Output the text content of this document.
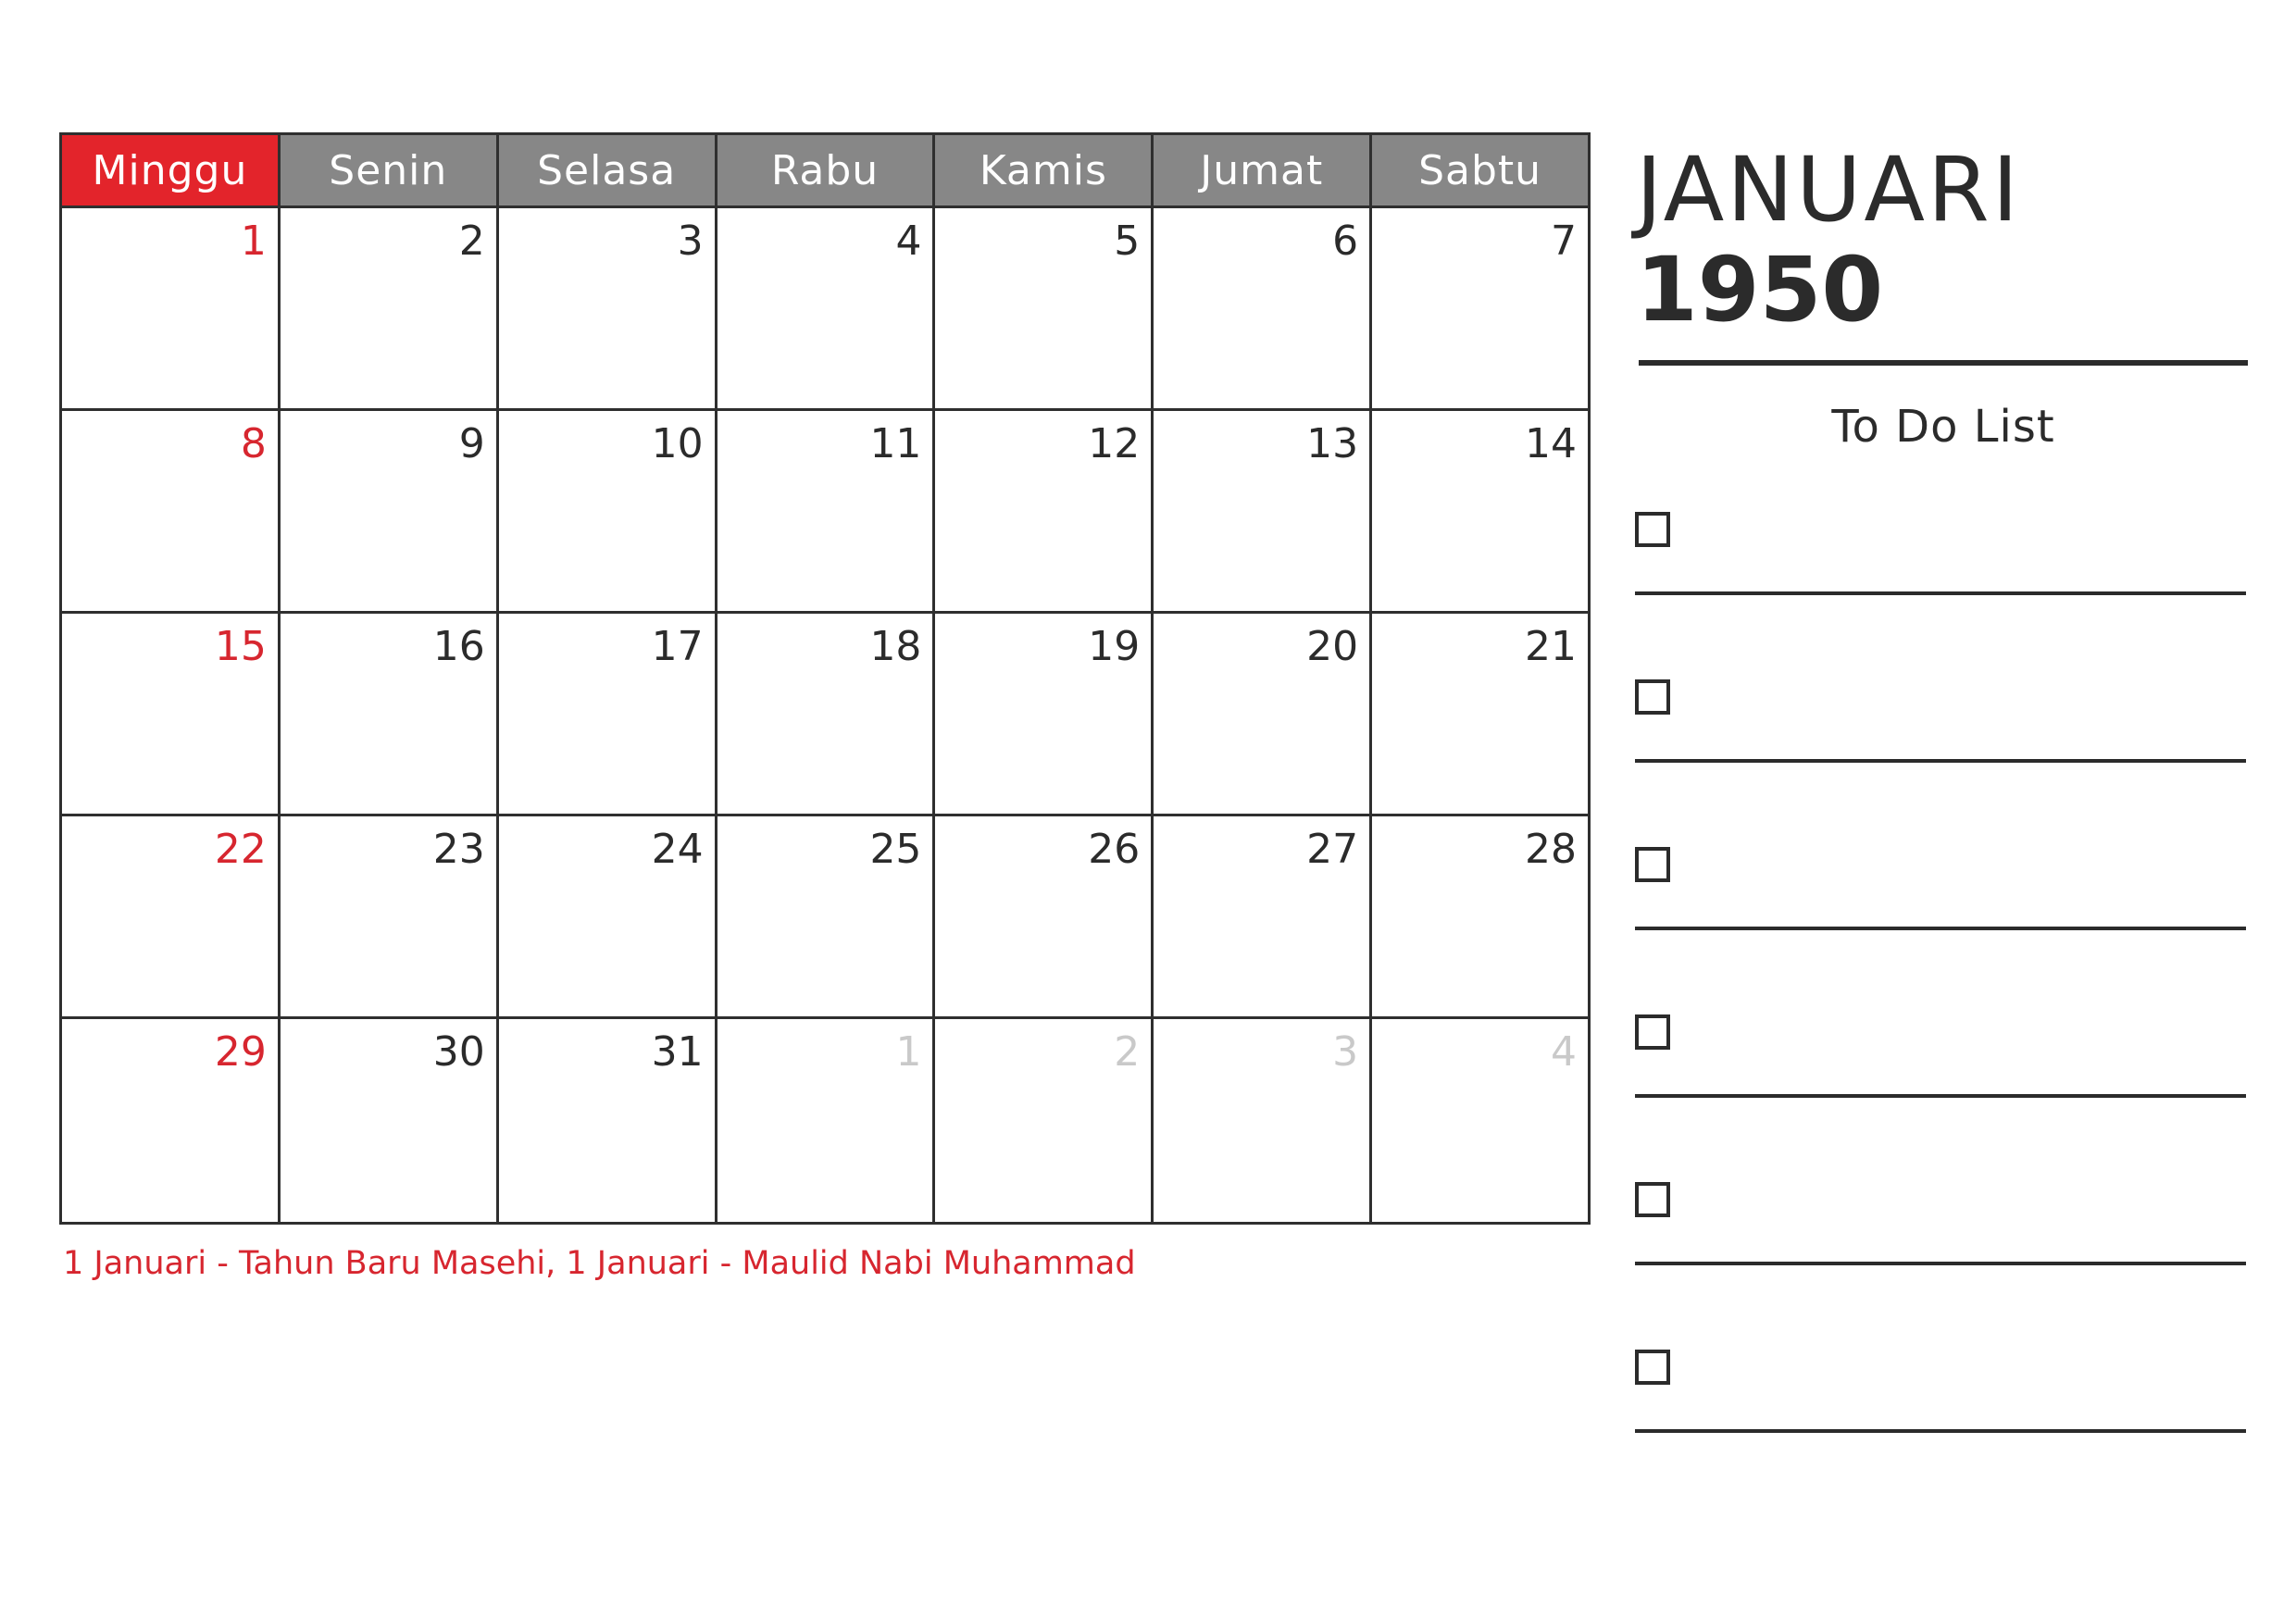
Minggu	Senin	Selasa	Rabu	Kamis	Jumat	Sabtu
1	2	3	4	5	6	7
8	9	10	11	12	13	14
15	16	17	18	19	20	21
22	23	24	25	26	27	28
29	30	31	1	2	3	4
1 Januari - Tahun Baru Masehi, 1 Januari - Maulid Nabi Muhammad
JANUARI
1950
To Do List
